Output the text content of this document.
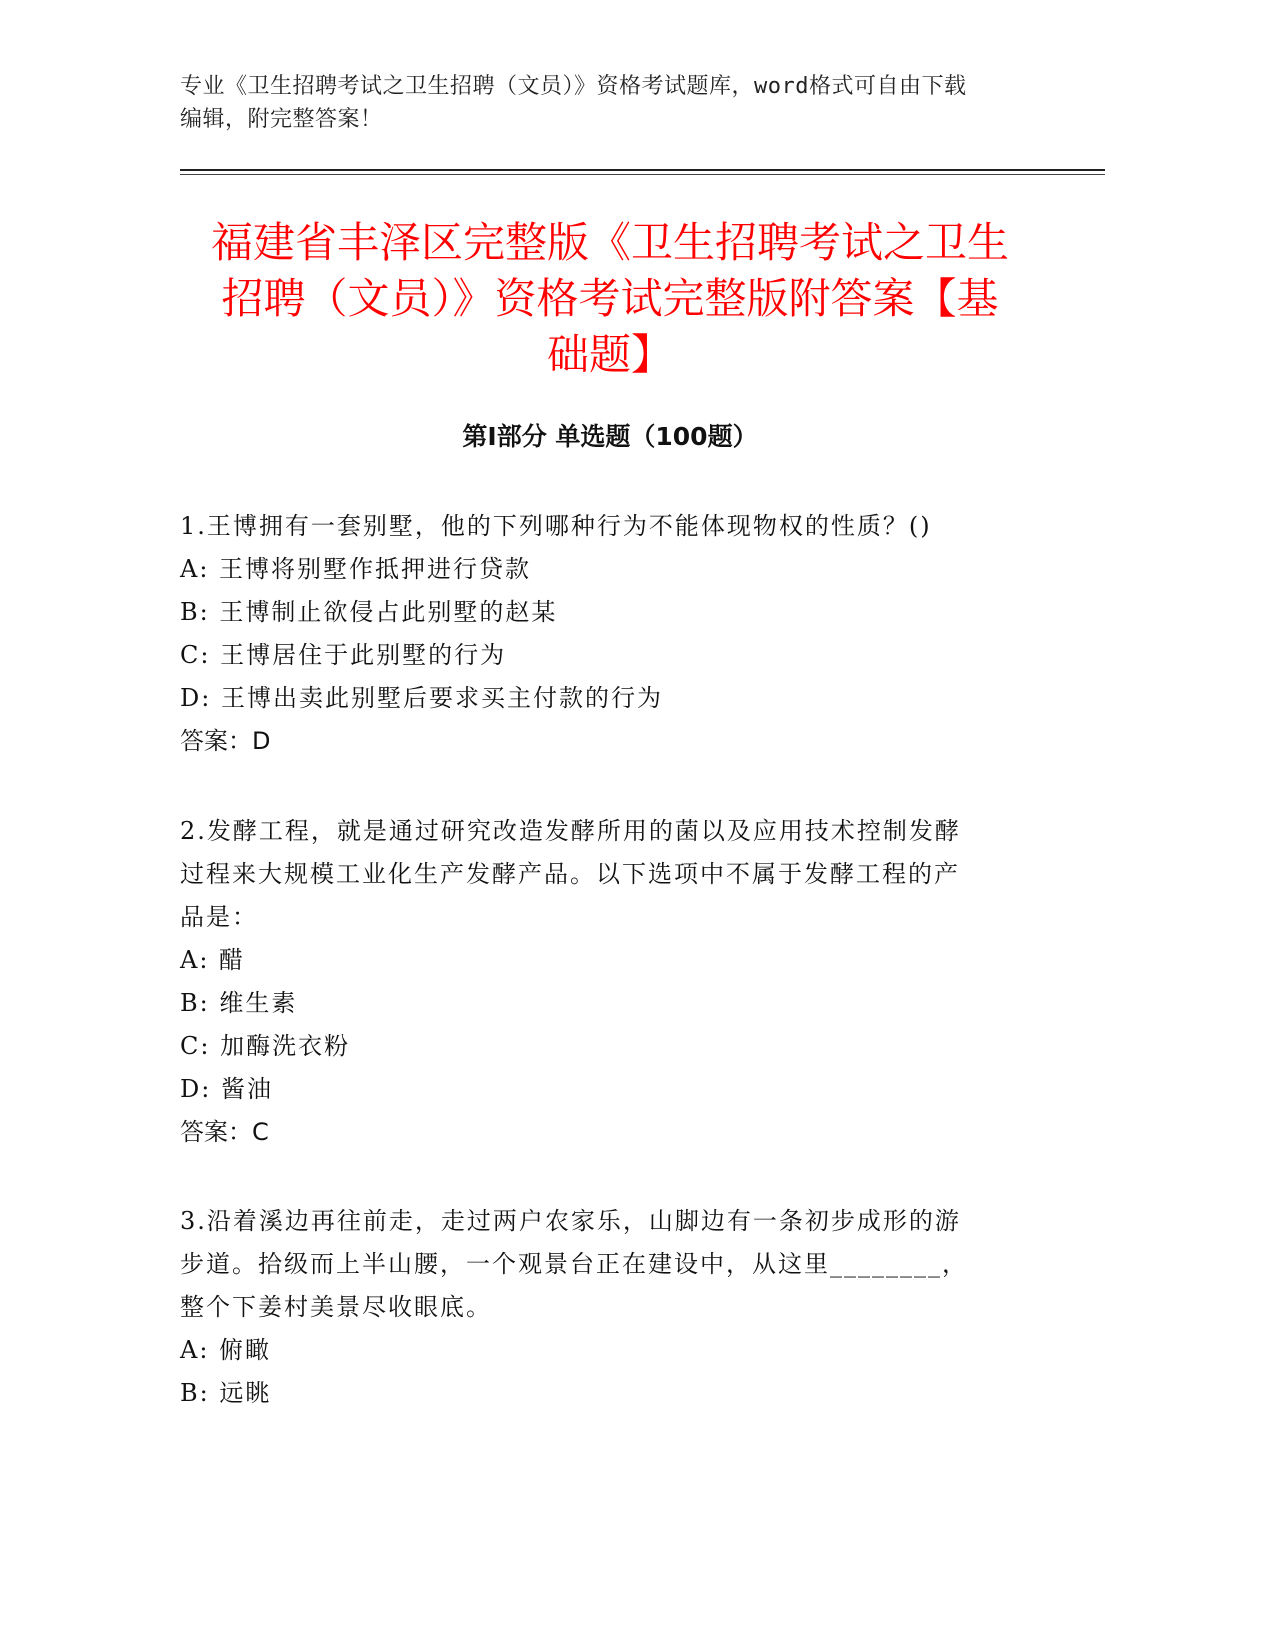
专业《卫生招聘考试之卫生招聘（文员）》资格考试题库，word格式可自由下载
编辑，附完整答案！
福建省丰泽区完整版《卫生招聘考试之卫生
招聘（文员）》资格考试完整版附答案【基
础题】
第Ⅰ部分 单选题（100题）

1.王博拥有一套别墅，他的下列哪种行为不能体现物权的性质？()

A: 王博将别墅作抵押进行贷款

B: 王博制止欲侵占此别墅的赵某

C: 王博居住于此别墅的行为

D: 王博出卖此别墅后要求买主付款的行为

答案：D

2.发酵工程，就是通过研究改造发酵所用的菌以及应用技术控制发酵

过程来大规模工业化生产发酵产品。以下选项中不属于发酵工程的产

品是：

A: 醋

B: 维生素

C: 加酶洗衣粉

D: 酱油

答案：C

3.沿着溪边再往前走，走过两户农家乐，山脚边有一条初步成形的游

步道。拾级而上半山腰，一个观景台正在建设中，从这里________，

整个下姜村美景尽收眼底。

A: 俯瞰

B: 远眺
